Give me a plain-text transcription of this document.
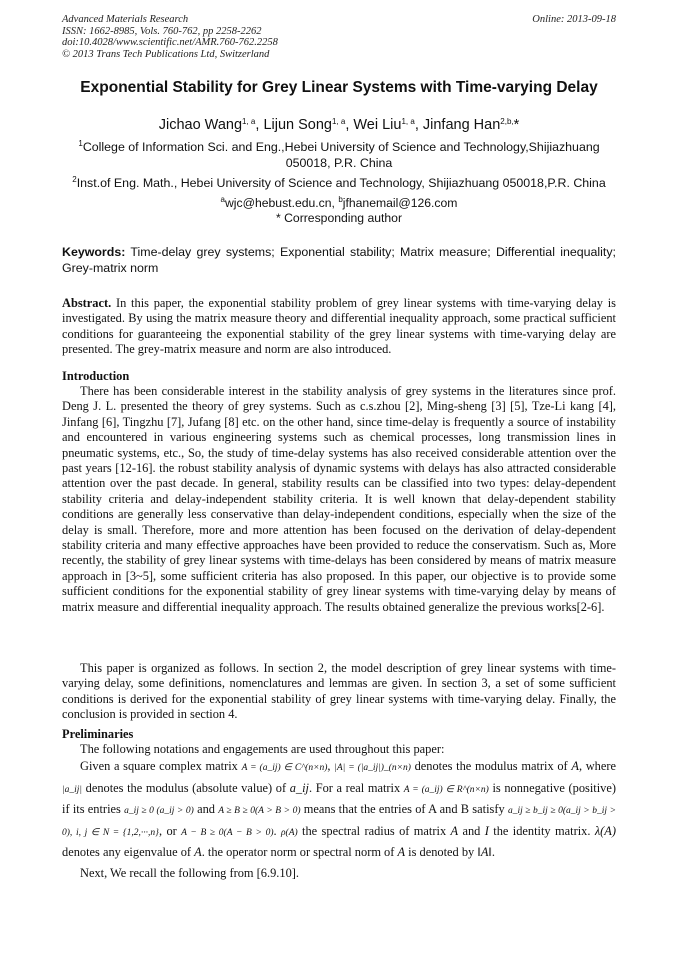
Advanced Materials Research
ISSN: 1662-8985, Vols. 760-762, pp 2258-2262
doi:10.4028/www.scientific.net/AMR.760-762.2258
© 2013 Trans Tech Publications Ltd, Switzerland
Online: 2013-09-18
Exponential Stability for Grey Linear Systems with Time-varying Delay
Jichao Wang$^{1, a}$, Lijun Song$^{1, a}$, Wei Liu$^{1, a}$, Jinfang Han$^{2,b,}$*
$^1$College of Information Sci. and Eng.,Hebei University of Science and Technology,Shijiazhuang 050018, P.R. China
$^2$Inst.of Eng. Math., Hebei University of Science and Technology, Shijiazhuang 050018,P.R. China
$^a$wjc@hebust.edu.cn, $^b$jfhanemail@126.com
* Corresponding author
Keywords: Time-delay grey systems; Exponential stability; Matrix measure; Differential inequality; Grey-matrix norm
Abstract. In this paper, the exponential stability problem of grey linear systems with time-varying delay is investigated. By using the matrix measure theory and differential inequality approach, some practical sufficient conditions for guaranteeing the exponential stability of the grey linear systems with time-varying delay are presented. The grey-matrix measure and norm are also introduced.
Introduction

There has been considerable interest in the stability analysis of grey systems in the literatures since prof. Deng J. L. presented the theory of grey systems. Such as c.s.zhou [2], Ming-sheng [3] [5], Tze-Li kang [4], Jinfang [6], Tingzhu [7], Jufang [8] etc. on the other hand, since time-delay is frequently a source of instability and encountered in various engineering systems such as chemical processes, long transmission lines in pneumatic systems, etc., So, the study of time-delay systems has also received considerable attention over the past years [12-16]. the robust stability analysis of dynamic systems with delays has also attracted considerable attention over the past decade. In general, stability results can be classified into two types: delay-dependent stability criteria and delay-independent stability criteria. It is well known that delay-dependent stability conditions are generally less conservative than delay-independent conditions, especially when the size of the delay is small. Therefore, more and more attention has been focused on the derivation of delay-dependent stability criteria and many effective approaches have been provided to reduce the conservatism. Such as, More recently, the stability of grey linear systems with time-delays has been considered by means of matrix measure approach in [3~5], some sufficient criteria has also proposed. In this paper, our objective is to provide some sufficient conditions for the exponential stability of grey linear systems with time-varying delay by means of matrix measure and differential inequality approach. The results obtained generalize the previous works[2-6].

This paper is organized as follows. In section 2, the model description of grey linear systems with time-varying delay, some definitions, nomenclatures and lemmas are given. In section 3, a set of some sufficient conditions is derived for the exponential stability of grey linear systems with time-varying delay. Finally, the conclusion is provided in section 4.

Preliminaries

The following notations and engagements are used throughout this paper:

Given a square complex matrix A = (a_ij) ∈ C^(n×n), |A| = (|a_ij|)_(n×n) denotes the modulus matrix of A, where |a_ij| denotes the modulus (absolute value) of a_ij. For a real matrix A = (a_ij) ∈ R^(n×n) is nonnegative (positive) if its entries a_ij ≥ 0 (a_ij > 0) and A ≥ B ≥ 0(A > B > 0) means that the entries of A and B satisfy a_ij ≥ b_ij ≥ 0(a_ij > b_ij > 0), i, j ∈ N = {1,2,···,n}, or A − B ≥ 0(A − B > 0). ρ(A) the spectral radius of matrix A and I the identity matrix. λ(A) denotes any eigenvalue of A. the operator norm or spectral norm of A is denoted by ‖A‖.

Next, We recall the following from [6.9.10].
